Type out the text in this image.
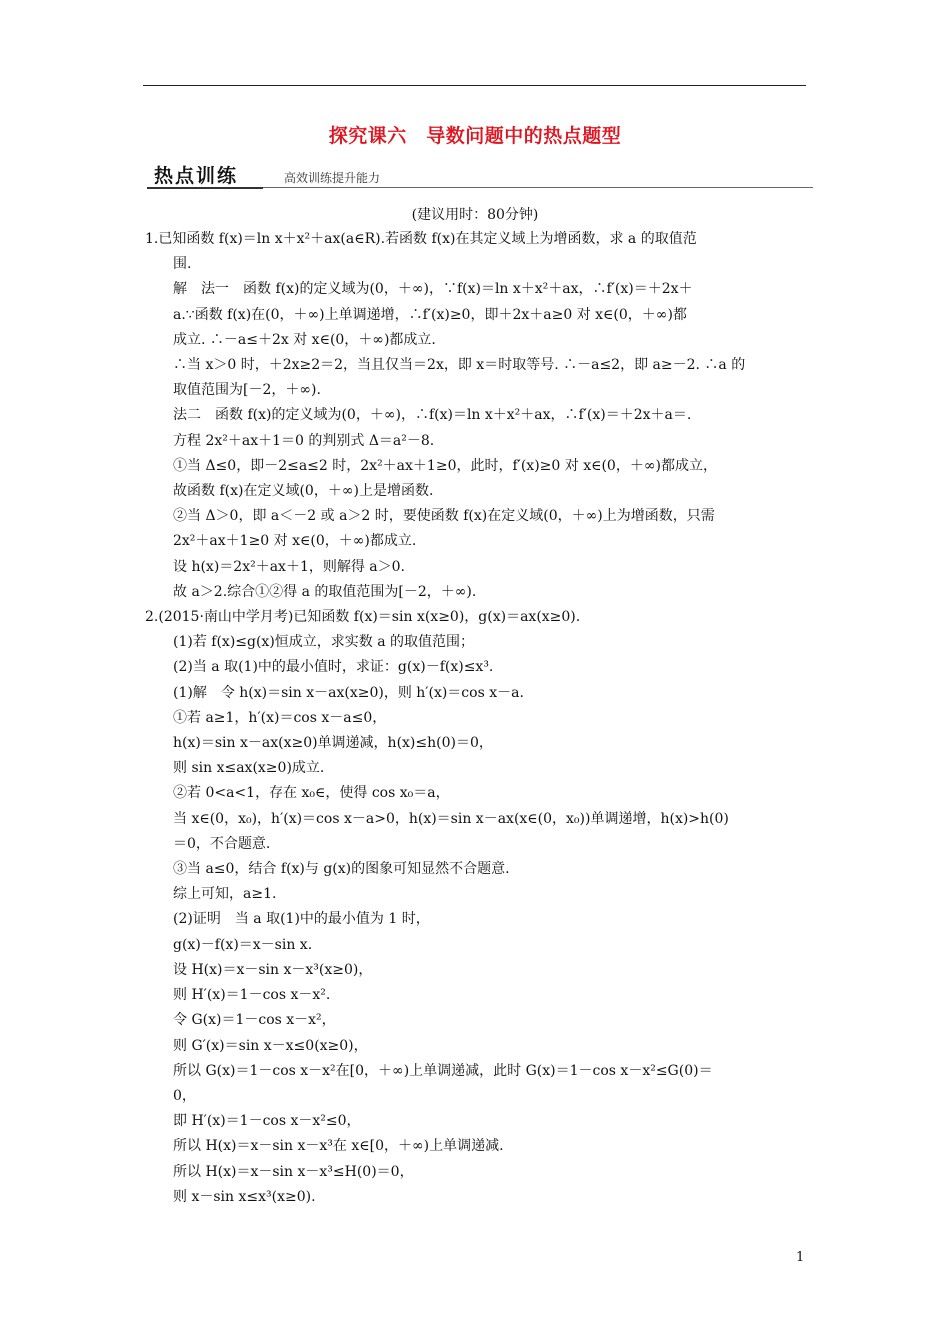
探究课六　导数问题中的热点题型
热点训练	高效训练提升能力
(建议用时：80分钟)

1.已知函数 f(x)＝ln x＋x²＋ax(a∈R).若函数 f(x)在其定义域上为增函数，求 a 的取值范

围.

解　法一　函数 f(x)的定义域为(0，＋∞)，∵f(x)＝ln x＋x²＋ax，∴f′(x)＝＋2x＋

a.∵函数 f(x)在(0，＋∞)上单调递增，∴f′(x)≥0，即＋2x＋a≥0 对 x∈(0，＋∞)都

成立. ∴－a≤＋2x 对 x∈(0，＋∞)都成立.

∴当 x＞0 时，＋2x≥2＝2，当且仅当＝2x，即 x＝时取等号. ∴－a≤2，即 a≥－2. ∴a 的

取值范围为[－2，＋∞).

法二　函数 f(x)的定义域为(0，＋∞)，∴f(x)＝ln x＋x²＋ax，∴f′(x)＝＋2x＋a＝.

方程 2x²＋ax＋1＝0 的判别式 Δ＝a²－8.

①当 Δ≤0，即－2≤a≤2 时，2x²＋ax＋1≥0，此时，f′(x)≥0 对 x∈(0，＋∞)都成立，

故函数 f(x)在定义域(0，＋∞)上是增函数.

②当 Δ＞0，即 a＜－2 或 a＞2 时，要使函数 f(x)在定义域(0，＋∞)上为增函数，只需

2x²＋ax＋1≥0 对 x∈(0，＋∞)都成立.

设 h(x)＝2x²＋ax＋1，则解得 a＞0.

故 a＞2.综合①②得 a 的取值范围为[－2，＋∞).

2.(2015·南山中学月考)已知函数 f(x)＝sin x(x≥0)，g(x)＝ax(x≥0).

(1)若 f(x)≤g(x)恒成立，求实数 a 的取值范围；

(2)当 a 取(1)中的最小值时，求证：g(x)－f(x)≤x³.

(1)解　令 h(x)＝sin x－ax(x≥0)，则 h′(x)＝cos x－a.

①若 a≥1，h′(x)＝cos x－a≤0，

h(x)＝sin x－ax(x≥0)单调递减，h(x)≤h(0)＝0，

则 sin x≤ax(x≥0)成立.

②若 0<a<1，存在 x₀∈，使得 cos x₀＝a，

当 x∈(0，x₀)，h′(x)＝cos x－a>0，h(x)＝sin x－ax(x∈(0，x₀))单调递增，h(x)>h(0)

＝0，不合题意.

③当 a≤0，结合 f(x)与 g(x)的图象可知显然不合题意.

综上可知，a≥1.

(2)证明　当 a 取(1)中的最小值为 1 时，

g(x)－f(x)＝x－sin x.

设 H(x)＝x－sin x－x³(x≥0)，

则 H′(x)＝1－cos x－x².

令 G(x)＝1－cos x－x²，

则 G′(x)＝sin x－x≤0(x≥0)，

所以 G(x)＝1－cos x－x²在[0，＋∞)上单调递减，此时 G(x)＝1－cos x－x²≤G(0)＝

0，

即 H′(x)＝1－cos x－x²≤0，

所以 H(x)＝x－sin x－x³在 x∈[0，＋∞)上单调递减.

所以 H(x)＝x－sin x－x³≤H(0)＝0，

则 x－sin x≤x³(x≥0).

1
